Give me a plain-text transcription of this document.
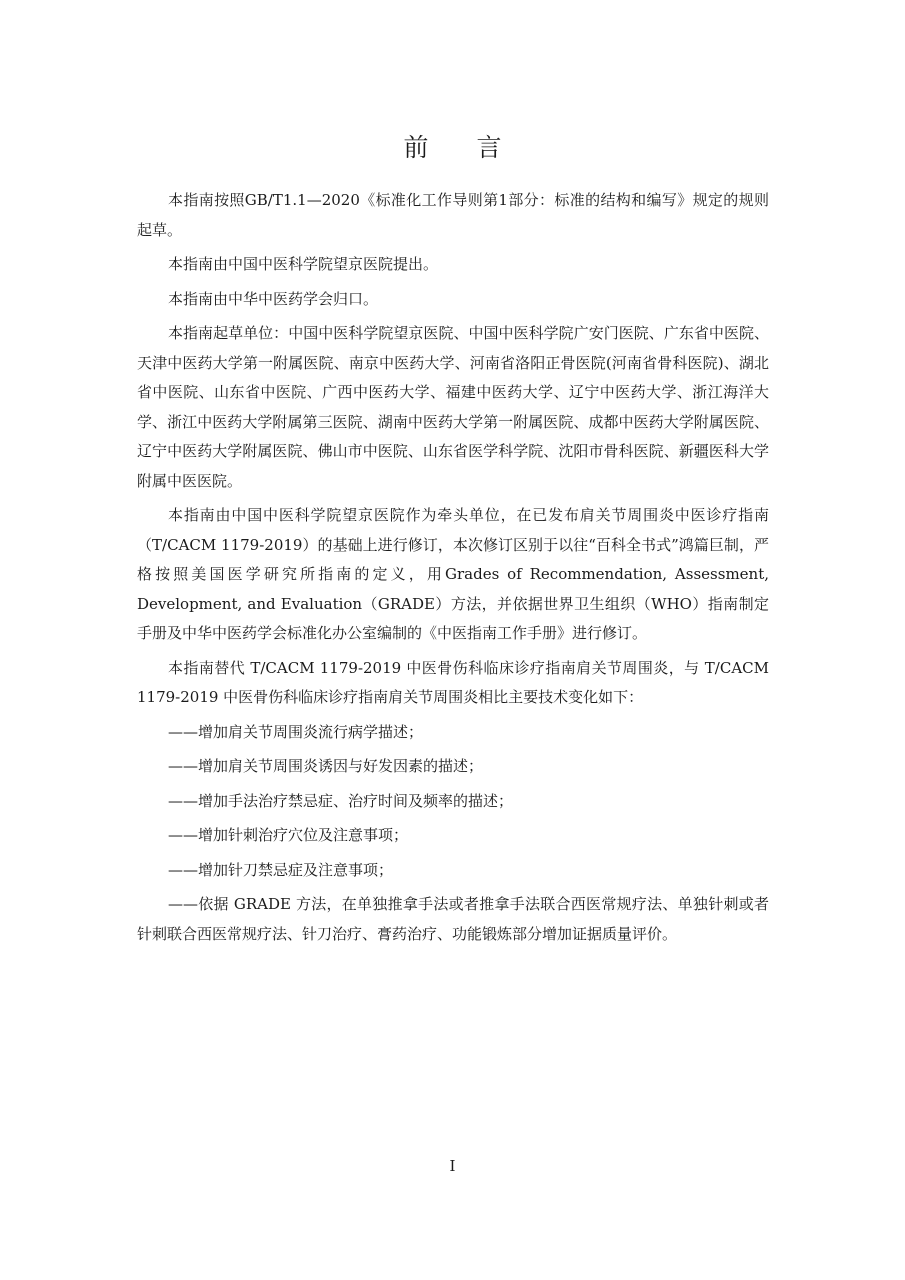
前 言

本指南按照GB/T1.1—2020《标准化工作导则第1部分：标准的结构和编写》规定的规则起草。

本指南由中国中医科学院望京医院提出。

本指南由中华中医药学会归口。

本指南起草单位：中国中医科学院望京医院、中国中医科学院广安门医院、广东省中医院、天津中医药大学第一附属医院、南京中医药大学、河南省洛阳正骨医院(河南省骨科医院)、湖北省中医院、山东省中医院、广西中医药大学、福建中医药大学、辽宁中医药大学、浙江海洋大学、浙江中医药大学附属第三医院、湖南中医药大学第一附属医院、成都中医药大学附属医院、辽宁中医药大学附属医院、佛山市中医院、山东省医学科学院、沈阳市骨科医院、新疆医科大学附属中医医院。

本指南由中国中医科学院望京医院作为牵头单位，在已发布肩关节周围炎中医诊疗指南（T/CACM 1179-2019）的基础上进行修订，本次修订区别于以往“百科全书式”鸿篇巨制，严格按照美国医学研究所指南的定义，用Grades of Recommendation, Assessment, Development, and Evaluation（GRADE）方法，并依据世界卫生组织（WHO）指南制定手册及中华中医药学会标准化办公室编制的《中医指南工作手册》进行修订。

本指南替代 T/CACM 1179-2019 中医骨伤科临床诊疗指南肩关节周围炎，与 T/CACM 1179-2019 中医骨伤科临床诊疗指南肩关节周围炎相比主要技术变化如下：

——增加肩关节周围炎流行病学描述；

——增加肩关节周围炎诱因与好发因素的描述；

——增加手法治疗禁忌症、治疗时间及频率的描述；

——增加针刺治疗穴位及注意事项；

——增加针刀禁忌症及注意事项；

——依据 GRADE 方法，在单独推拿手法或者推拿手法联合西医常规疗法、单独针刺或者针刺联合西医常规疗法、针刀治疗、膏药治疗、功能锻炼部分增加证据质量评价。

I
